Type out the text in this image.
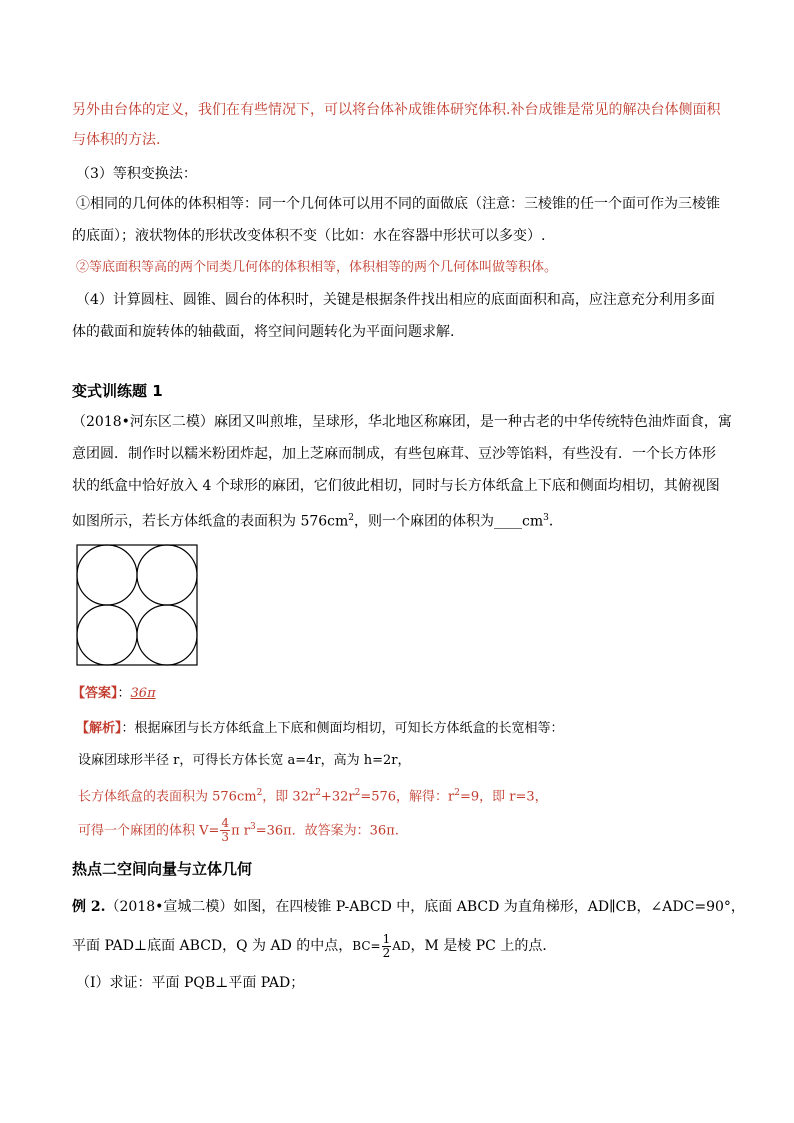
另外由台体的定义，我们在有些情况下，可以将台体补成锥体研究体积.补台成锥是常见的解决台体侧面积
与体积的方法.
（3）等积变换法：
①相同的几何体的体积相等：同一个几何体可以用不同的面做底（注意：三棱锥的任一个面可作为三棱锥
的底面）；液状物体的形状改变体积不变（比如：水在容器中形状可以多变）.
②等底面积等高的两个同类几何体的体积相等，体积相等的两个几何体叫做等积体。
（4）计算圆柱、圆锥、圆台的体积时，关键是根据条件找出相应的底面面积和高，应注意充分利用多面
体的截面和旋转体的轴截面，将空间问题转化为平面问题求解.
变式训练题 1
（2018•河东区二模）麻团又叫煎堆，呈球形，华北地区称麻团，是一种古老的中华传统特色油炸面食，寓
意团圆．制作时以糯米粉团炸起，加上芝麻而制成，有些包麻茸、豆沙等馅料，有些没有．一个长方体形
状的纸盒中恰好放入 4 个球形的麻团，它们彼此相切，同时与长方体纸盒上下底和侧面均相切，其俯视图
如图所示，若长方体纸盒的表面积为 $576cm^2$，则一个麻团的体积为$\_\_\_\_cm^3$．
【答案】：36π
【解析】：根据麻团与长方体纸盒上下底和侧面均相切，可知长方体纸盒的长宽相等：
设麻团球形半径 r，可得长方体长宽 a=4r，高为 h=2r，
长方体纸盒的表面积为 $576cm^2$，即 $32r^2+32r^2=576$，解得：$r^2=9$，即 r=3，
可得一个麻团的体积 $V= \frac{4}{3}$ π $r^3=36\pi$．故答案为：36π.
热点二空间向量与立体几何
例 2.（2018•宣城二模）如图，在四棱锥 P-ABCD 中，底面 ABCD 为直角梯形，AD∥CB，∠ADC=90°，
平面 PAD⊥底面 ABCD，Q 为 AD 的中点，$BC= \frac{1}{2}$ AD，M 是棱 PC 上的点．
（Ⅰ）求证：平面 PQB⊥平面 PAD；
